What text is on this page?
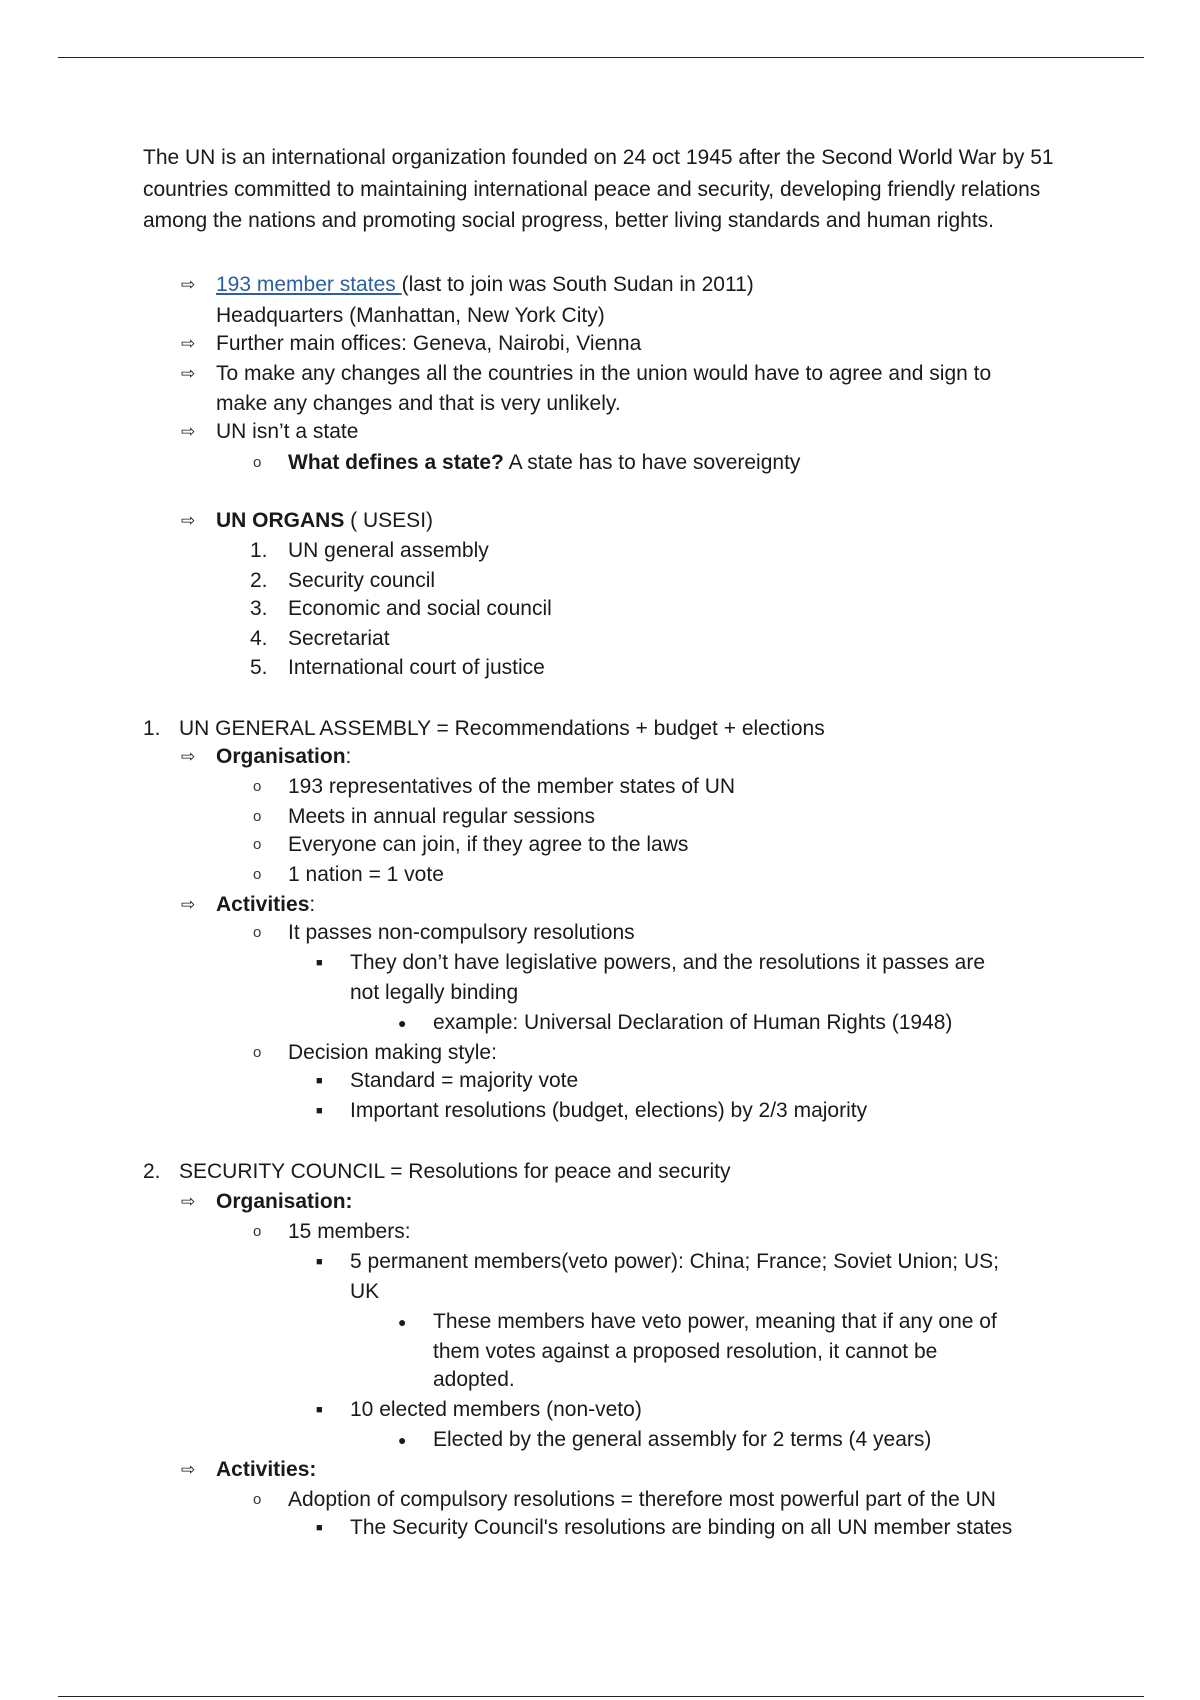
The UN is an international organization founded on 24 oct 1945 after the Second World War by 51 countries committed to maintaining international peace and security, developing friendly relations among the nations and promoting social progress, better living standards and human rights.
⇨ 193 member states (last to join was South Sudan in 2011)
Headquarters (Manhattan, New York City)
⇨ Further main offices: Geneva, Nairobi, Vienna
⇨ To make any changes all the countries in the union would have to agree and sign to
make any changes and that is very unlikely.
⇨ UN isn’t a state
o What defines a state? A state has to have sovereignty
⇨ UN ORGANS ( USESI)
1. UN general assembly
2. Security council
3. Economic and social council
4. Secretariat
5. International court of justice
1. UN GENERAL ASSEMBLY = Recommendations + budget + elections
⇨ Organisation:
o 193 representatives of the member states of UN
o Meets in annual regular sessions
o Everyone can join, if they agree to the laws
o 1 nation = 1 vote
⇨ Activities:
o It passes non-compulsory resolutions
■ They don’t have legislative powers, and the resolutions it passes are
not legally binding
● example: Universal Declaration of Human Rights (1948)
o Decision making style:
■ Standard = majority vote
■ Important resolutions (budget, elections) by 2/3 majority
2. SECURITY COUNCIL = Resolutions for peace and security
⇨ Organisation:
o 15 members:
■ 5 permanent members(veto power): China; France; Soviet Union; US;
UK
● These members have veto power, meaning that if any one of
them votes against a proposed resolution, it cannot be
adopted.
■ 10 elected members (non-veto)
● Elected by the general assembly for 2 terms (4 years)
⇨ Activities:
o Adoption of compulsory resolutions = therefore most powerful part of the UN
■ The Security Council's resolutions are binding on all UN member states
